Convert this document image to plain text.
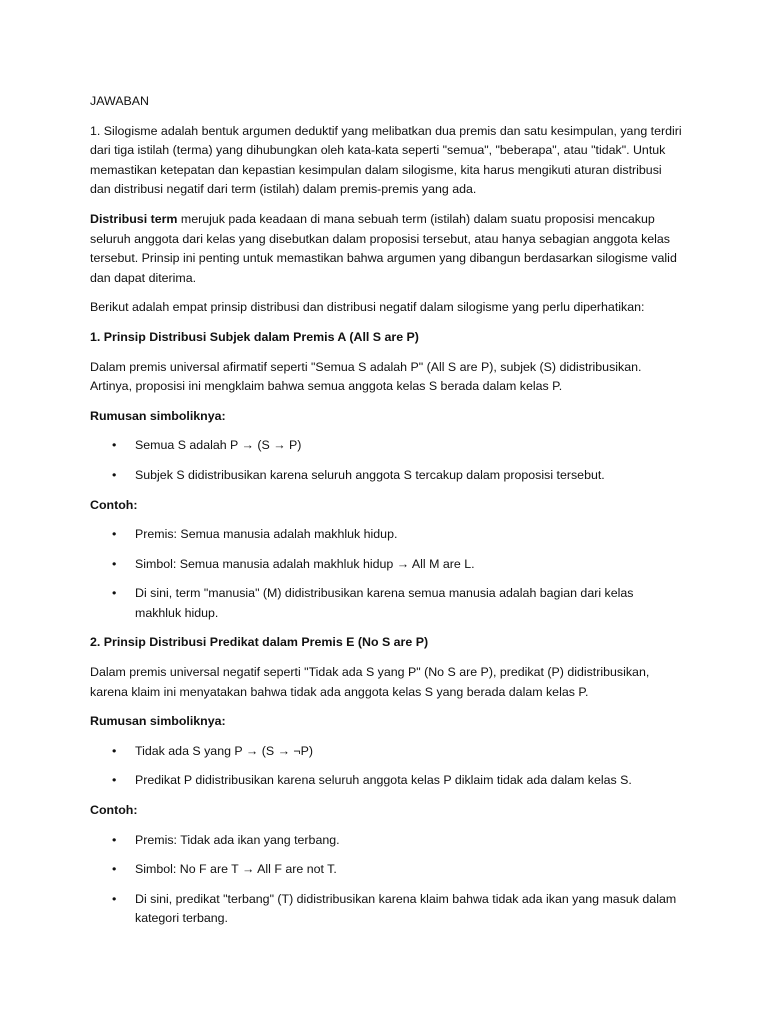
JAWABAN

1. Silogisme adalah bentuk argumen deduktif yang melibatkan dua premis dan satu kesimpulan, yang terdiri dari tiga istilah (terma) yang dihubungkan oleh kata-kata seperti "semua", "beberapa", atau "tidak". Untuk memastikan ketepatan dan kepastian kesimpulan dalam silogisme, kita harus mengikuti aturan distribusi dan distribusi negatif dari term (istilah) dalam premis-premis yang ada.

Distribusi term merujuk pada keadaan di mana sebuah term (istilah) dalam suatu proposisi mencakup seluruh anggota dari kelas yang disebutkan dalam proposisi tersebut, atau hanya sebagian anggota kelas tersebut. Prinsip ini penting untuk memastikan bahwa argumen yang dibangun berdasarkan silogisme valid dan dapat diterima.

Berikut adalah empat prinsip distribusi dan distribusi negatif dalam silogisme yang perlu diperhatikan:

1. Prinsip Distribusi Subjek dalam Premis A (All S are P)

Dalam premis universal afirmatif seperti "Semua S adalah P" (All S are P), subjek (S) didistribusikan. Artinya, proposisi ini mengklaim bahwa semua anggota kelas S berada dalam kelas P.

Rumusan simboliknya:

• Semua S adalah P → (S → P)
• Subjek S didistribusikan karena seluruh anggota S tercakup dalam proposisi tersebut.

Contoh:

• Premis: Semua manusia adalah makhluk hidup.
• Simbol: Semua manusia adalah makhluk hidup → All M are L.
• Di sini, term "manusia" (M) didistribusikan karena semua manusia adalah bagian dari kelas makhluk hidup.

2. Prinsip Distribusi Predikat dalam Premis E (No S are P)

Dalam premis universal negatif seperti "Tidak ada S yang P" (No S are P), predikat (P) didistribusikan, karena klaim ini menyatakan bahwa tidak ada anggota kelas S yang berada dalam kelas P.

Rumusan simboliknya:

• Tidak ada S yang P → (S → ¬P)
• Predikat P didistribusikan karena seluruh anggota kelas P diklaim tidak ada dalam kelas S.

Contoh:

• Premis: Tidak ada ikan yang terbang.
• Simbol: No F are T → All F are not T.
• Di sini, predikat "terbang" (T) didistribusikan karena klaim bahwa tidak ada ikan yang masuk dalam kategori terbang.
